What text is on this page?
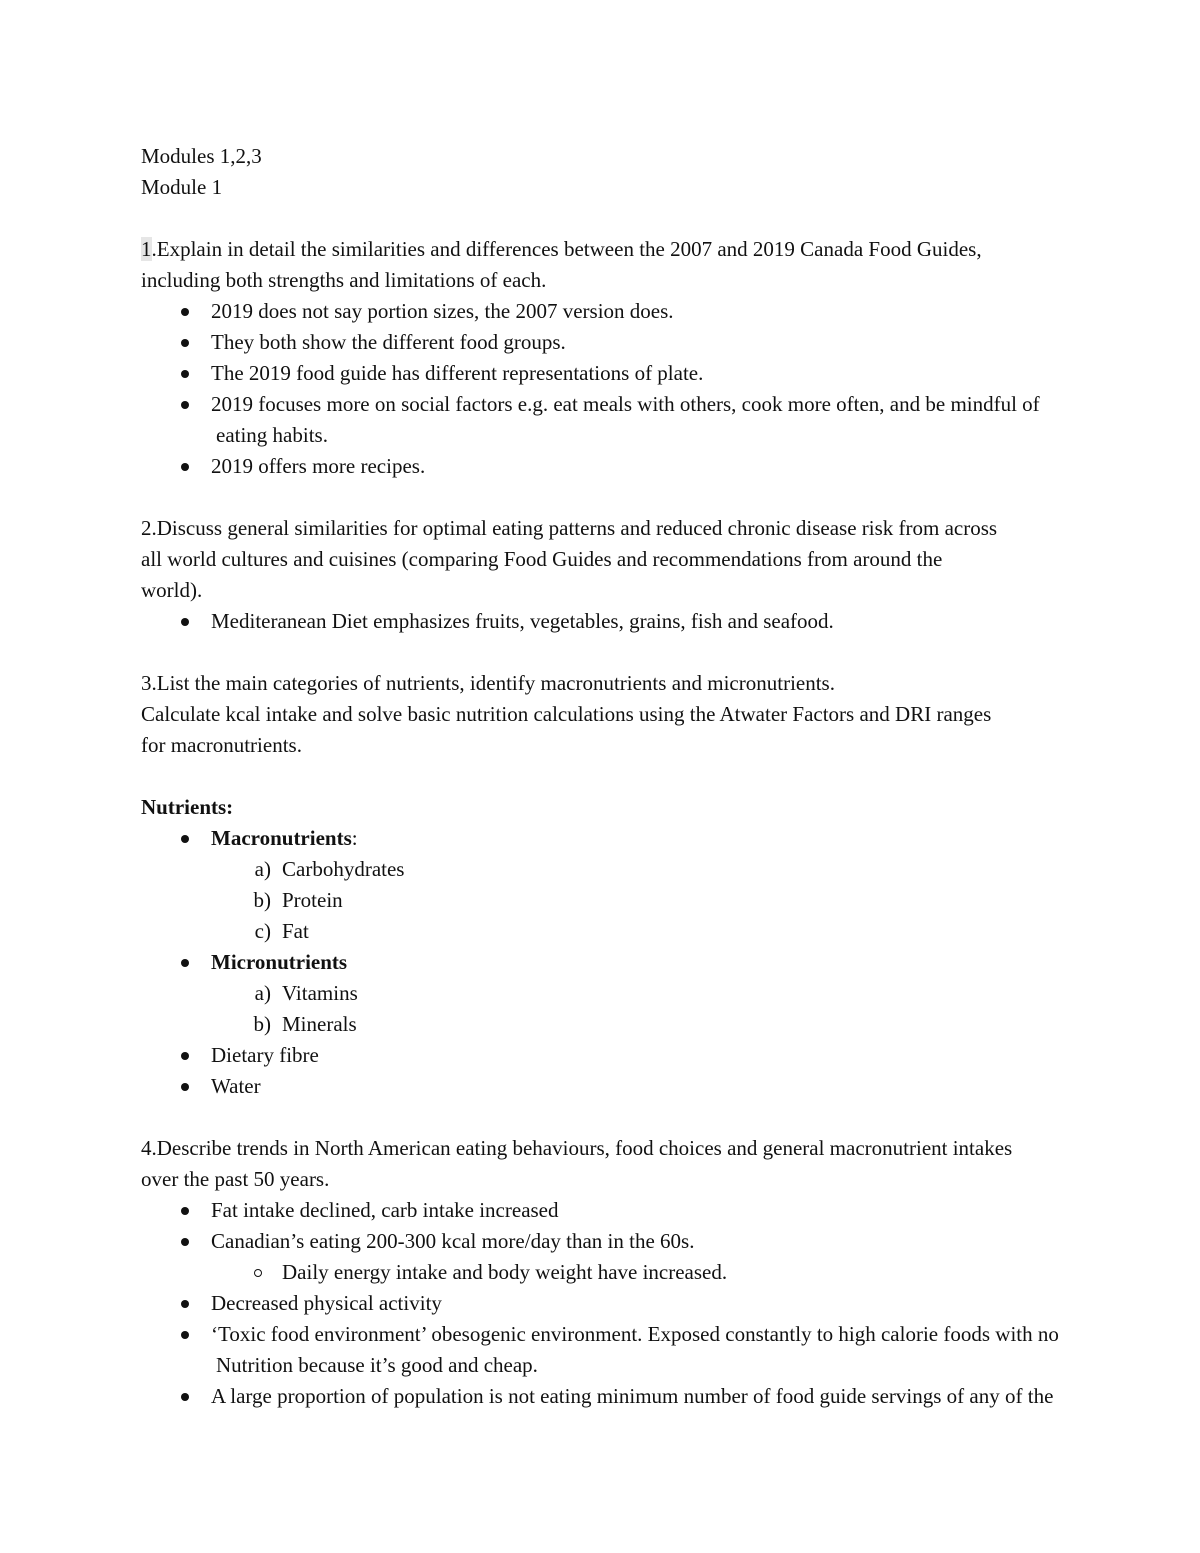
Modules 1,2,3
Module 1
1.Explain in detail the similarities and differences between the 2007 and 2019 Canada Food Guides,
including both strengths and limitations of each.
2019 does not say portion sizes, the 2007 version does.
They both show the different food groups.
The 2019 food guide has different representations of plate.
2019 focuses more on social factors e.g. eat meals with others, cook more often, and be mindful of
eating habits.
2019 offers more recipes.
2.Discuss general similarities for optimal eating patterns and reduced chronic disease risk from across
all world cultures and cuisines (comparing Food Guides and recommendations from around the
world).
Mediteranean Diet emphasizes fruits, vegetables, grains, fish and seafood.
3.List the main categories of nutrients, identify macronutrients and micronutrients.
Calculate kcal intake and solve basic nutrition calculations using the Atwater Factors and DRI ranges
for macronutrients.
Nutrients:
Macronutrients:
a) Carbohydrates
b) Protein
c) Fat
Micronutrients
a) Vitamins
b) Minerals
Dietary fibre
Water
4.Describe trends in North American eating behaviours, food choices and general macronutrient intakes
over the past 50 years.
Fat intake declined, carb intake increased
Canadian’s eating 200-300 kcal more/day than in the 60s.
Daily energy intake and body weight have increased.
Decreased physical activity
‘Toxic food environment’ obesogenic environment. Exposed constantly to high calorie foods with no
Nutrition because it’s good and cheap.
A large proportion of population is not eating minimum number of food guide servings of any of the
